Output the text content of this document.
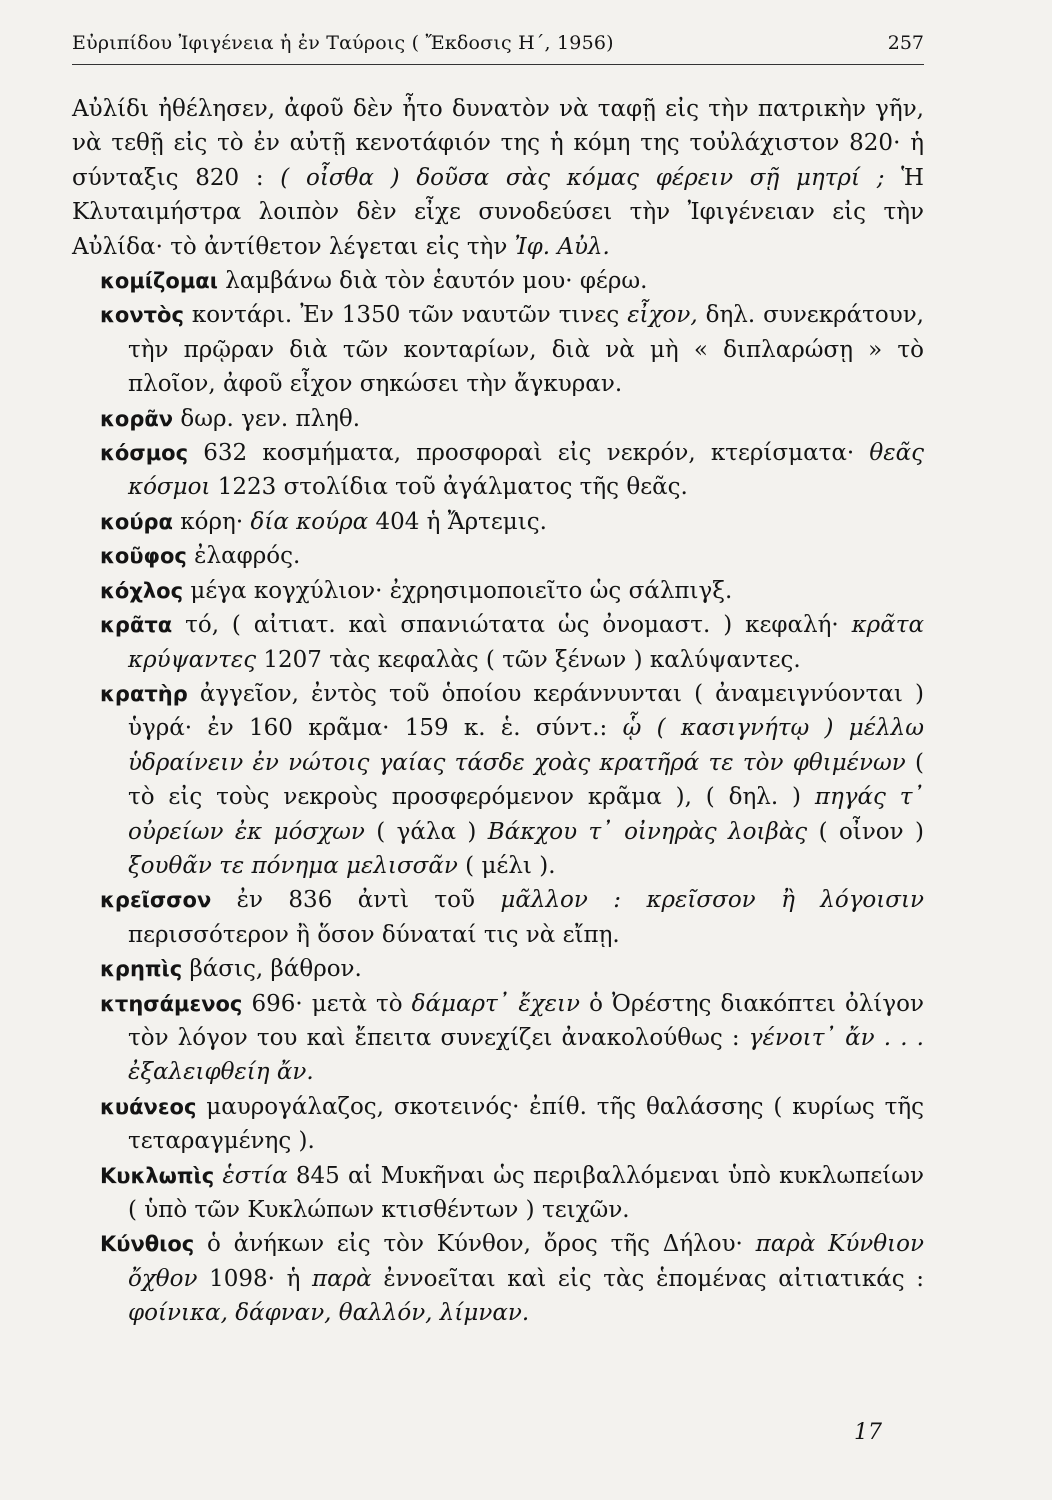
Εὐριπίδου Ἰφιγένεια ἡ ἐν Ταύροις ( Ἔκδοσις Η΄, 1956)	257

Αὐλίδι ἠθέλησεν, ἀφοῦ δὲν ἦτο δυνατὸν νὰ ταφῇ εἰς τὴν πατρικὴν γῆν, νὰ τεθῇ εἰς τὸ ἐν αὐτῇ κενοτάφιόν της ἡ κόμη της τοὐλάχιστον 820· ἡ σύνταξις 820 : ( οἶσθα ) δοῦσα σὰς κόμας φέρειν σῇ μητρί ; Ἡ Κλυταιμήστρα λοιπὸν δὲν εἶχε συνοδεύσει τὴν Ἰφιγένειαν εἰς τὴν Αὐλίδα· τὸ ἀντίθετον λέγεται εἰς τὴν Ἰφ. Αὐλ.

κομίζομαι λαμβάνω διὰ τὸν ἑαυτόν μου· φέρω.

κοντὸς κοντάρι. Ἐν 1350 τῶν ναυτῶν τινες εἶχον, δηλ. συνεκράτουν, τὴν πρῷραν διὰ τῶν κονταρίων, διὰ νὰ μὴ « διπλαρώσῃ » τὸ πλοῖον, ἀφοῦ εἶχον σηκώσει τὴν ἄγκυραν.

κορᾶν δωρ. γεν. πληθ.

κόσμος 632 κοσμήματα, προσφοραὶ εἰς νεκρόν, κτερίσματα· θεᾶς κόσμοι 1223 στολίδια τοῦ ἀγάλματος τῆς θεᾶς.

κούρα κόρη· δία κούρα 404 ἡ Ἄρτεμις.

κοῦφος ἐλαφρός.

κόχλος μέγα κογχύλιον· ἐχρησιμοποιεῖτο ὡς σάλπιγξ.

κρᾶτα τό, ( αἰτιατ. καὶ σπανιώτατα ὡς ὀνομαστ. ) κεφαλή· κρᾶτα κρύψαντες 1207 τὰς κεφαλὰς ( τῶν ξένων ) καλύψαντες.

κρατὴρ ἀγγεῖον, ἐντὸς τοῦ ὁποίου κεράννυνται ( ἀναμειγνύονται ) ὑγρά· ἐν 160 κρᾶμα· 159 κ. ἑ. σύντ.: ᾧ ( κασιγνήτῳ ) μέλλω ὑδραίνειν ἐν νώτοις γαίας τάσδε χοὰς κρατῆρά τε τὸν φθιμένων ( τὸ εἰς τοὺς νεκροὺς προσφερόμενον κρᾶμα ), ( δηλ. ) πηγάς τ᾽ οὐρείων ἐκ μόσχων ( γάλα ) Βάκχου τ᾽ οἰνηρὰς λοιβὰς ( οἶνον ) ξουθᾶν τε πόνημα μελισσᾶν ( μέλι ).

κρεῖσσον ἐν 836 ἀντὶ τοῦ μᾶλλον : κρεῖσσον ἢ λόγοισιν περισσότερον ἢ ὅσον δύναταί τις νὰ εἴπῃ.

κρηπὶς βάσις, βάθρον.

κτησάμενος 696· μετὰ τὸ δάμαρτ᾽ ἔχειν ὁ Ὀρέστης διακόπτει ὀλίγον τὸν λόγον του καὶ ἔπειτα συνεχίζει ἀνακολούθως : γένοιτ᾽ ἄν . . . ἐξαλειφθείη ἄν.

κυάνεος μαυρογάλαζος, σκοτεινός· ἐπίθ. τῆς θαλάσσης ( κυρίως τῆς τεταραγμένης ).

Κυκλωπὶς ἑστία 845 αἱ Μυκῆναι ὡς περιβαλλόμεναι ὑπὸ κυκλωπείων ( ὑπὸ τῶν Κυκλώπων κτισθέντων ) τειχῶν.

Κύνθιος ὁ ἀνήκων εἰς τὸν Κύνθον, ὄρος τῆς Δήλου· παρὰ Κύνθιον ὄχθον 1098· ἡ παρὰ ἐννοεῖται καὶ εἰς τὰς ἑπομένας αἰτιατικάς : φοίνικα, δάφναν, θαλλόν, λίμναν.

17
